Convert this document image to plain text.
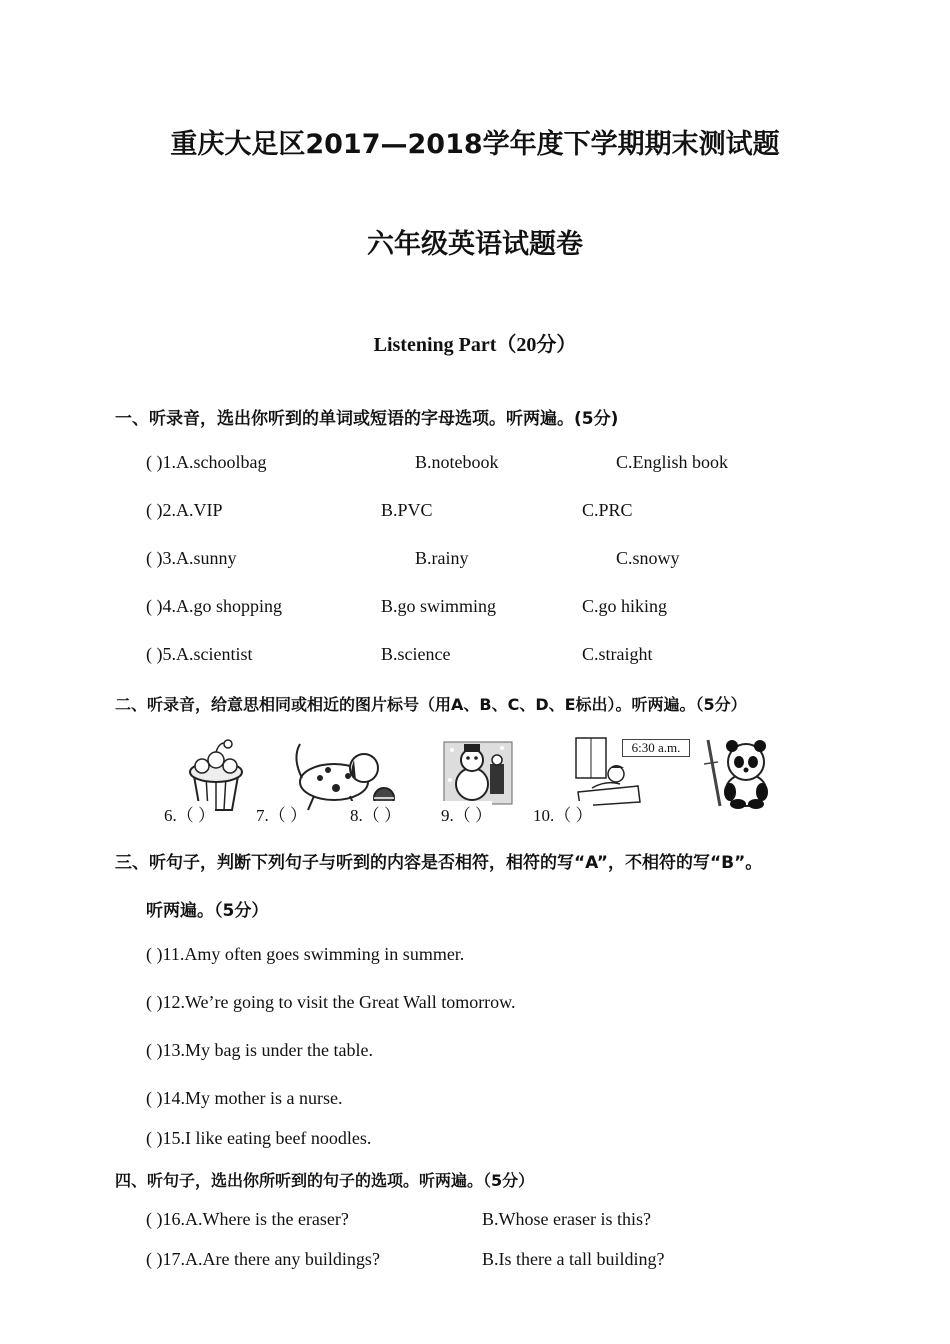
重庆大足区2017—2018学年度下学期期末测试题
六年级英语试题卷
Listening Part（20分）
一、听录音，选出你听到的单词或短语的字母选项。听两遍。(5分)
( )1.A.schoolbag	B.notebook	C.English book
( )2.A.VIP	B.PVC	C.PRC
( )3.A.sunny	B.rainy	C.snowy
( )4.A.go shopping	B.go swimming	C.go hiking
( )5.A.scientist	B.science	C.straight
二、听录音，给意思相同或相近的图片标号（用A、B、C、D、E标出）。听两遍。（5分）
6:30 a.m.
6.（ ） 7.（ ）	8.（ ） 9.（ ） 10.（ ）
三、听句子，判断下列句子与听到的内容是否相符，相符的写“A”，不相符的写“B”。
听两遍。（5分）
( )11.Amy often goes swimming in summer.
( )12.We’re going to visit the Great Wall tomorrow.
( )13.My bag is under the table.
( )14.My mother is a nurse.
( )15.I like eating beef noodles.
四、听句子，选出你所听到的句子的选项。听两遍。（5分）
( )16.A.Where is the eraser?	B.Whose eraser is this?
( )17.A.Are there any buildings?	B.Is there a tall building?
